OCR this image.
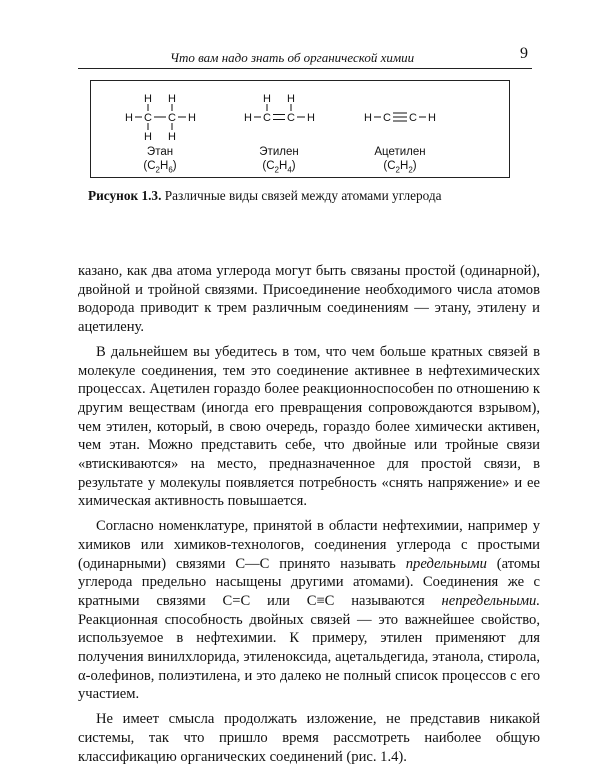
Что вам надо знать об органической химии	9
H C C H
H H
H H
H C C H
H H
H C C H
Этан
$(C_2H_6)$
Этилен
$(C_2H_4)$
Ацетилен
$(C_2H_2)$
Рисунок 1.3. Различные виды связей между атомами углерода

казано, как два атома углерода могут быть связаны простой (одинарной), двойной и тройной связями. Присоединение необходимого числа атомов водорода приводит к трем различным соединениям — этану, этилену и ацетилену.

В дальнейшем вы убедитесь в том, что чем больше кратных связей в молекуле соединения, тем это соединение активнее в нефтехимических процессах. Ацетилен гораздо более реакционноспособен по отношению к другим веществам (иногда его превращения сопровождаются взрывом), чем этилен, который, в свою очередь, гораздо более химически активен, чем этан. Можно представить себе, что двойные или тройные связи «втискиваются» на место, предназначенное для простой связи, в результате у молекулы появляется потребность «снять напряжение» и ее химическая активность повышается.

Согласно номенклатуре, принятой в области нефтехимии, например у химиков или химиков-технологов, соединения углерода с простыми (одинарными) связями С—С принято называть предельными (атомы углерода предельно насыщены другими атомами). Соединения же с кратными связями С=С или С≡С называются непредельными. Реакционная способность двойных связей — это важнейшее свойство, используемое в нефтехимии. К примеру, этилен применяют для получения винилхлорида, этиленоксида, ацетальдегида, этанола, стирола, α-олефинов, полиэтилена, и это далеко не полный список процессов с его участием.

Не имеет смысла продолжать изложение, не представив никакой системы, так что пришло время рассмотреть наиболее общую классификацию органических соединений (рис. 1.4).
